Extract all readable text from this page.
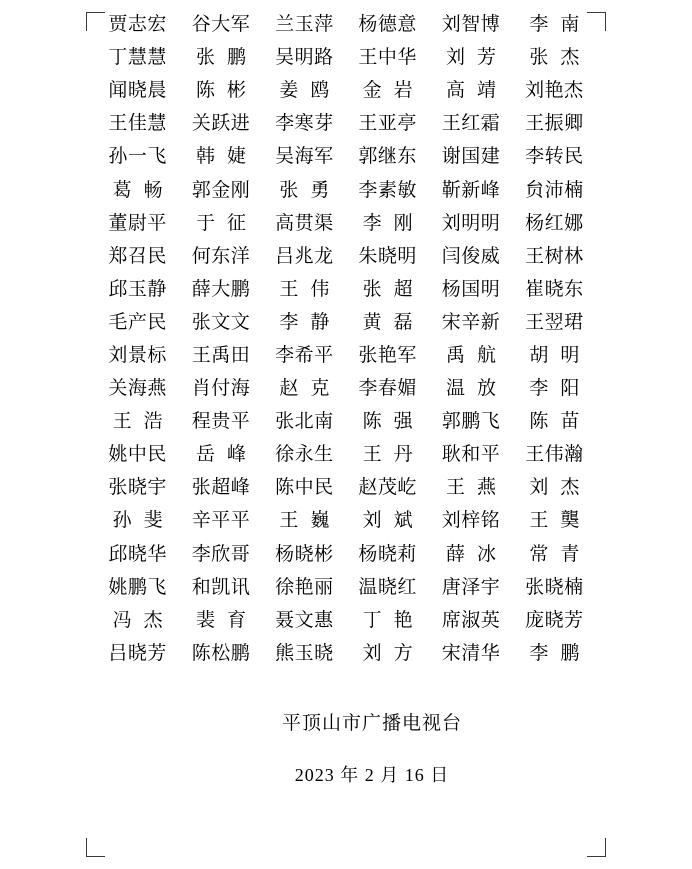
贾志宏	谷大军	兰玉萍	杨德意	刘智博	李南
丁慧慧	张鹏	吴明路	王中华	刘芳	张杰
闻晓晨	陈彬	姜鸥	金岩	高靖	刘艳杰
王佳慧	关跃进	李寒芽	王亚亭	王红霜	王振卿
孙一飞	韩婕	吴海军	郭继东	谢国建	李转民
葛畅	郭金刚	张勇	李素敏	靳新峰	贠沛楠
董尉平	于征	高贯渠	李刚	刘明明	杨红娜
郑召民	何东洋	吕兆龙	朱晓明	闫俊威	王树林
邱玉静	薛大鹏	王伟	张超	杨国明	崔晓东
毛产民	张文文	李静	黄磊	宋辛新	王翌珺
刘景标	王禹田	李希平	张艳军	禹航	胡明
关海燕	肖付海	赵克	李春媚	温放	李阳
王浩	程贵平	张北南	陈强	郭鹏飞	陈苗
姚中民	岳峰	徐永生	王丹	耿和平	王伟瀚
张晓宇	张超峰	陈中民	赵茂屹	王燕	刘杰
孙斐	辛平平	王巍	刘斌	刘梓铭	王龑
邱晓华	李欣哥	杨晓彬	杨晓莉	薛冰	常青
姚鹏飞	和凯讯	徐艳丽	温晓红	唐泽宇	张晓楠
冯杰	裴育	聂文惠	丁艳	席淑英	庞晓芳
吕晓芳	陈松鹏	熊玉晓	刘方	宋清华	李鹏
平顶山市广播电视台
2023 年 2 月 16 日
